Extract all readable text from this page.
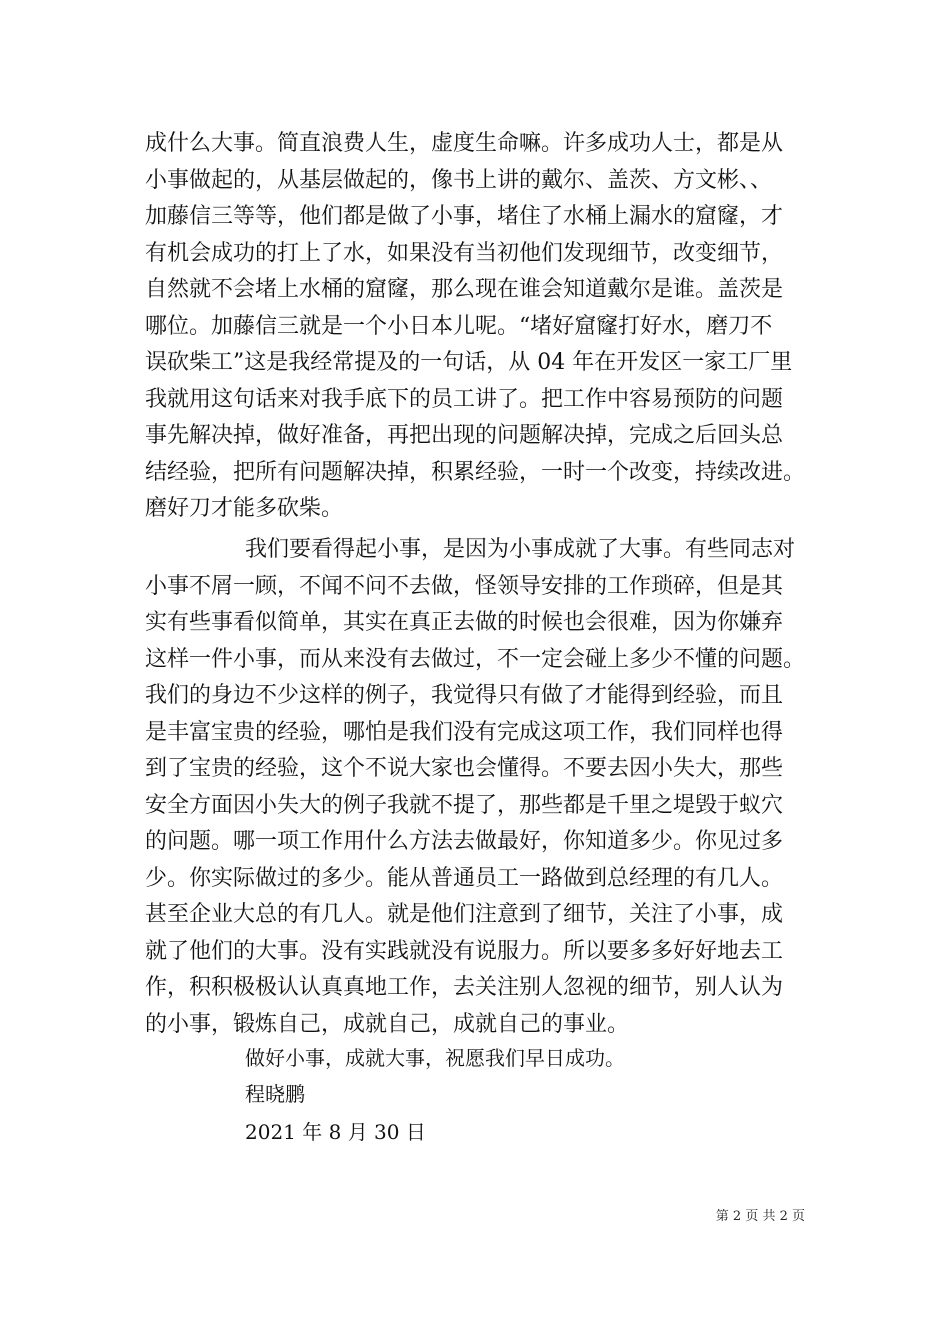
成什么大事。简直浪费人生，虚度生命嘛。许多成功人士，都是从
小事做起的，从基层做起的，像书上讲的戴尔、盖茨、方文彬、、
加藤信三等等，他们都是做了小事，堵住了水桶上漏水的窟窿，才
有机会成功的打上了水，如果没有当初他们发现细节，改变细节，
自然就不会堵上水桶的窟窿，那么现在谁会知道戴尔是谁。盖茨是
哪位。加藤信三就是一个小日本儿呢。“堵好窟窿打好水，磨刀不
误砍柴工”这是我经常提及的一句话，从 04 年在开发区一家工厂里
我就用这句话来对我手底下的员工讲了。把工作中容易预防的问题
事先解决掉，做好准备，再把出现的问题解决掉，完成之后回头总
结经验，把所有问题解决掉，积累经验，一时一个改变，持续改进。
磨好刀才能多砍柴。
我们要看得起小事，是因为小事成就了大事。有些同志对
小事不屑一顾，不闻不问不去做，怪领导安排的工作琐碎，但是其
实有些事看似简单，其实在真正去做的时候也会很难，因为你嫌弃
这样一件小事，而从来没有去做过，不一定会碰上多少不懂的问题。
我们的身边不少这样的例子，我觉得只有做了才能得到经验，而且
是丰富宝贵的经验，哪怕是我们没有完成这项工作，我们同样也得
到了宝贵的经验，这个不说大家也会懂得。不要去因小失大，那些
安全方面因小失大的例子我就不提了，那些都是千里之堤毁于蚁穴
的问题。哪一项工作用什么方法去做最好，你知道多少。你见过多
少。你实际做过的多少。能从普通员工一路做到总经理的有几人。
甚至企业大总的有几人。就是他们注意到了细节，关注了小事，成
就了他们的大事。没有实践就没有说服力。所以要多多好好地去工
作，积积极极认认真真地工作，去关注别人忽视的细节，别人认为
的小事，锻炼自己，成就自己，成就自己的事业。
做好小事，成就大事，祝愿我们早日成功。
程晓鹏
2021 年 8 月 30 日
第 2 页 共 2 页
